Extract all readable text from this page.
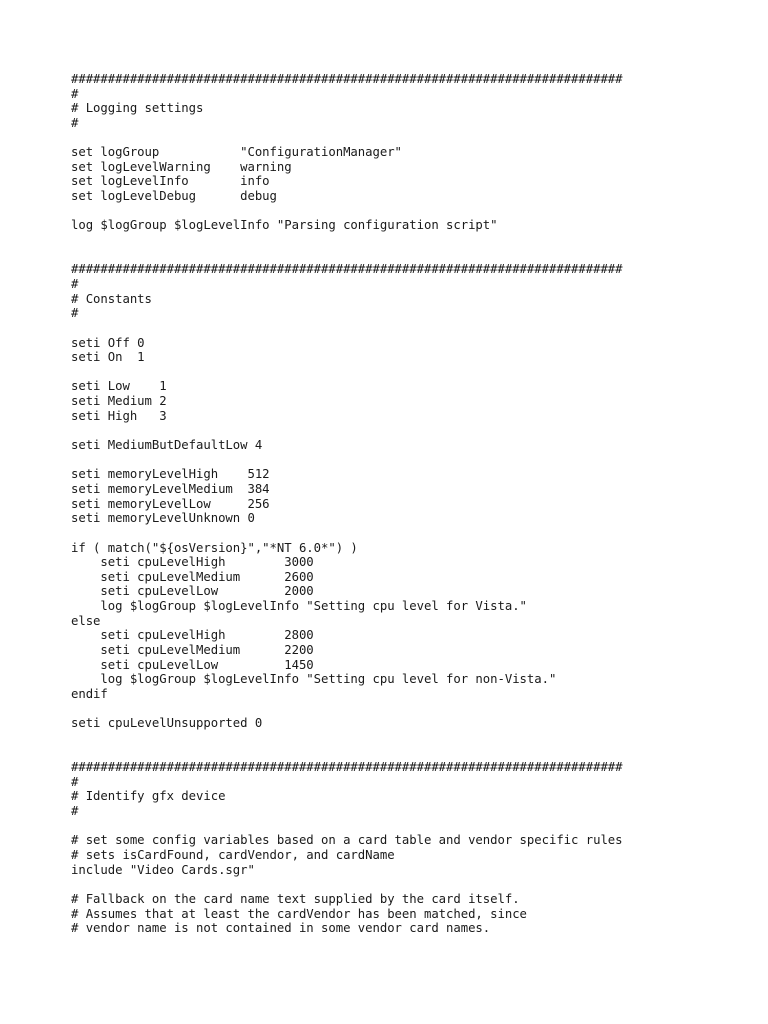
###########################################################################
#
# Logging settings
#
set logGroup           "ConfigurationManager"
set logLevelWarning    warning
set logLevelInfo       info
set logLevelDebug      debug
log $logGroup $logLevelInfo "Parsing configuration script"
###########################################################################
#
# Constants
#
seti Off 0
seti On  1
seti Low    1
seti Medium 2
seti High   3
seti MediumButDefaultLow 4
seti memoryLevelHigh    512
seti memoryLevelMedium  384
seti memoryLevelLow     256
seti memoryLevelUnknown 0
if ( match("${osVersion}","*NT 6.0*") )
seti cpuLevelHigh        3000
seti cpuLevelMedium      2600
seti cpuLevelLow         2000
log $logGroup $logLevelInfo "Setting cpu level for Vista."
else
seti cpuLevelHigh        2800
seti cpuLevelMedium      2200
seti cpuLevelLow         1450
log $logGroup $logLevelInfo "Setting cpu level for non-Vista."
endif
seti cpuLevelUnsupported 0
###########################################################################
#
# Identify gfx device
#
# set some config variables based on a card table and vendor specific rules
# sets isCardFound, cardVendor, and cardName
include "Video Cards.sgr"
# Fallback on the card name text supplied by the card itself.
# Assumes that at least the cardVendor has been matched, since
# vendor name is not contained in some vendor card names.
